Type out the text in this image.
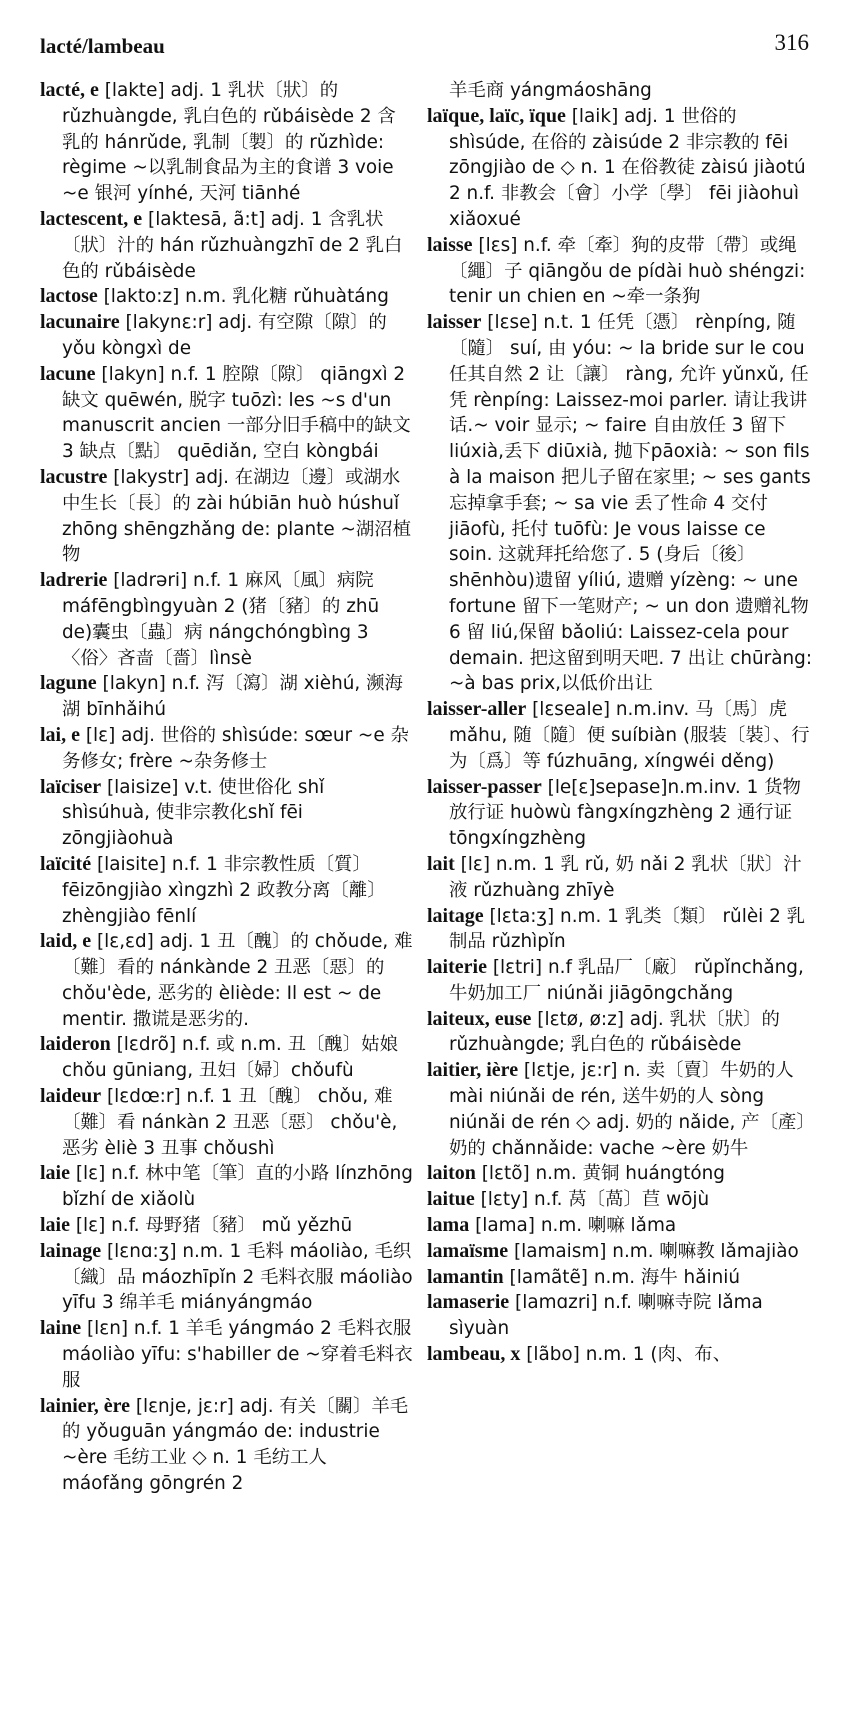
lacté/lambeau	316
lacté, e [lakte] adj. 1 乳状〔狀〕的 rǔzhuàngde, 乳白色的 rǔbáisède 2 含乳的 hánrǔde, 乳制〔製〕的 rǔzhìde: règime ~以乳制食品为主的食谱 3 voie ~e 银河 yínhé, 天河 tiānhé
lactescent, e [laktesā, ã:t] adj. 1 含乳状〔狀〕汁的 hán rǔzhuàngzhī de 2 乳白色的 rǔbáisède
lactose [laktо:z] n.m. 乳化糖 rǔhuàtáng
lacunaire [lakynε:r] adj. 有空隙〔隙〕的 yǒu kòngxì de
lacune [lakyn] n.f. 1 腔隙〔隙〕 qiāngxì 2 缺文 quēwén, 脱字 tuōzì: les ~s d'un manuscrit ancien 一部分旧手稿中的缺文 3 缺点〔點〕 quēdiǎn, 空白 kòngbái
lacustre [lakystr] adj. 在湖边〔邊〕或湖水中生长〔長〕的 zài húbiān huò húshuǐ zhōng shēngzhǎng de: plante ~湖沼植物
ladrerie [ladrəri] n.f. 1 麻风〔風〕病院 máfēngbìngyuàn 2 (猪〔豬〕的 zhū de)囊虫〔蟲〕病 nángchóngbìng 3 〈俗〉吝啬〔嗇〕lìnsè
lagune [lakyn] n.f. 泻〔瀉〕湖 xièhú, 濒海湖 bīnhǎihú
lai, e [lε] adj. 世俗的 shìsúde: sœur ~e 杂务修女; frère ~杂务修士
laïciser [laisize] v.t. 使世俗化 shǐ shìsúhuà, 使非宗教化shǐ fēi zōngjiàohuà
laïcité [laisite] n.f. 1 非宗教性质〔質〕 fēizōngjiào xìngzhì 2 政教分离〔離〕 zhèngjiào fēnlí
laid, e [lε,εd] adj. 1 丑〔醜〕的 chǒude, 难〔難〕看的 nánkànde 2 丑恶〔惡〕的 chǒu'ède, 恶劣的 èliède: Il est ~ de mentir. 撒谎是恶劣的.
laideron [lεdrõ] n.f. 或 n.m. 丑〔醜〕姑娘 chǒu gūniang, 丑妇〔婦〕chǒufù
laideur [lεdœ:r] n.f. 1 丑〔醜〕 chǒu, 难〔難〕看 nánkàn 2 丑恶〔惡〕 chǒu'è, 恶劣 èliè 3 丑事 chǒushì
laie [lε] n.f. 林中笔〔筆〕直的小路 línzhōng bǐzhí de xiǎolù
laie [lε] n.f. 母野猪〔豬〕 mǔ yězhū
lainage [lεnɑ:ʒ] n.m. 1 毛料 máoliào, 毛织〔織〕品 máozhīpǐn 2 毛料衣服 máoliào yīfu 3 绵羊毛 miányángmáo
laine [lεn] n.f. 1 羊毛 yángmáo 2 毛料衣服 máoliào yīfu: s'habiller de ~穿着毛料衣服
lainier, ère [lεnje, jε:r] adj. 有关〔關〕羊毛的 yǒuguān yángmáo de: industrie ~ère 毛纺工业 ◇ n. 1 毛纺工人 máofǎng gōngrén 2
羊毛商 yángmáoshāng
laïque, laïc, ïque [laik] adj. 1 世俗的shìsúde, 在俗的 zàisúde 2 非宗教的 fēi zōngjiào de ◇ n. 1 在俗教徒 zàisú jiàotú 2 n.f. 非教会〔會〕小学〔學〕 fēi jiàohuì xiǎoxué
laisse [lεs] n.f. 牵〔牽〕狗的皮带〔帶〕或绳〔繩〕子 qiāngǒu de pídài huò shéngzi: tenir un chien en ~牵一条狗
laisser [lεse] n.t. 1 任凭〔憑〕 rènpíng, 随〔隨〕 suí, 由 yóu: ~ la bride sur le cou 任其自然 2 让〔讓〕 ràng, 允许 yǔnxǔ, 任凭 rènpíng: Laissez-moi parler. 请让我讲话.~ voir 显示; ~ faire 自由放任 3 留下 liúxià,丢下 diūxià, 抛下pāoxià: ~ son fils à la maison 把儿子留在家里; ~ ses gants 忘掉拿手套; ~ sa vie 丢了性命 4 交付 jiāofù, 托付 tuōfù: Je vous laisse ce soin. 这就拜托给您了. 5 (身后〔後〕 shēnhòu)遗留 yíliú, 遗赠 yízèng: ~ une fortune 留下一笔财产; ~ un don 遗赠礼物 6 留 liú,保留 bǎoliú: Laissez-cela pour demain. 把这留到明天吧. 7 出让 chūràng: ~à bas prix,以低价出让
laisser-aller [lεseale] n.m.inv. 马〔馬〕虎 mǎhu, 随〔隨〕便 suíbiàn (服装〔裝〕、行为〔爲〕等 fúzhuāng, xíngwéi děng)
laisser-passer [le[ε]sepase]n.m.inv. 1 货物放行证 huòwù fàngxíngzhèng 2 通行证 tōngxíngzhèng
lait [lε] n.m. 1 乳 rǔ, 奶 nǎi 2 乳状〔狀〕汁液 rǔzhuàng zhīyè
laitage [lεta:ʒ] n.m. 1 乳类〔類〕 rǔlèi 2 乳制品 rǔzhìpǐn
laiterie [lεtri] n.f 乳品厂〔廠〕 rǔpǐnchǎng, 牛奶加工厂 niúnǎi jiāgōngchǎng
laiteux, euse [lεtø, ø:z] adj. 乳状〔狀〕的 rǔzhuàngde; 乳白色的 rǔbáisède
laitier, ière [lεtje, jε:r] n. 卖〔賣〕牛奶的人 mài niúnǎi de rén, 送牛奶的人 sòng niúnǎi de rén ◇ adj. 奶的 nǎide, 产〔產〕奶的 chǎnnǎide: vache ~ère 奶牛
laiton [lεtõ] n.m. 黄铜 huángtóng
laitue [lεty] n.f. 莴〔萵〕苣 wōjù
lama [lama] n.m. 喇嘛 lǎma
lamaïsme [lamaism] n.m. 喇嘛教 lǎmajiào
lamantin [lamãtẽ] n.m. 海牛 hǎiniú
lamaserie [lamɑzri] n.f. 喇嘛寺院 lǎma sìyuàn
lambeau, x [lãbo] n.m. 1 (肉、布、
